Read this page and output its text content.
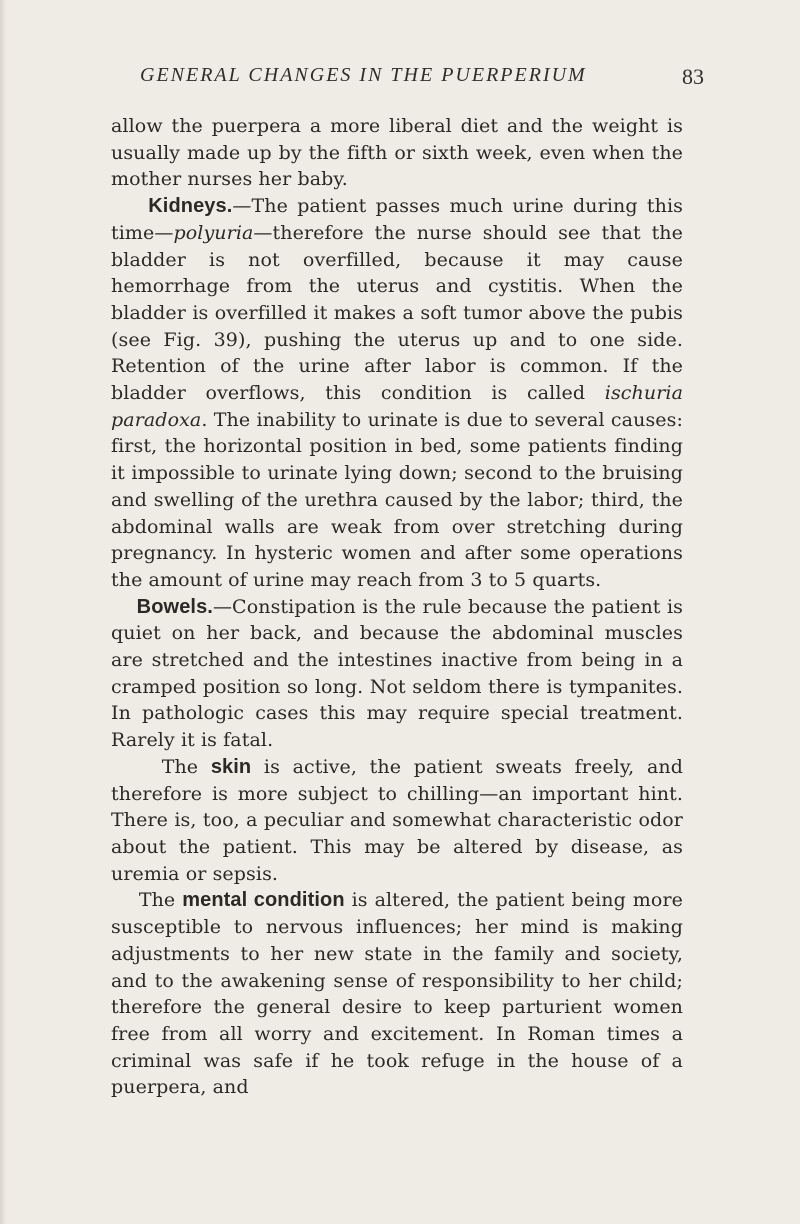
GENERAL CHANGES IN THE PUERPERIUM	83

allow the puerpera a more liberal diet and the weight is usually made up by the fifth or sixth week, even when the mother nurses her baby.

Kidneys.—The patient passes much urine during this time—polyuria—therefore the nurse should see that the bladder is not overfilled, because it may cause hemorrhage from the uterus and cystitis. When the bladder is overfilled it makes a soft tumor above the pubis (see Fig. 39), pushing the uterus up and to one side. Retention of the urine after labor is common. If the bladder overflows, this condition is called ischuria paradoxa. The inability to urinate is due to several causes: first, the horizontal position in bed, some patients finding it impossible to urinate lying down; second to the bruising and swelling of the urethra caused by the labor; third, the abdominal walls are weak from over stretching during pregnancy. In hysteric women and after some operations the amount of urine may reach from 3 to 5 quarts.

Bowels.—Constipation is the rule because the patient is quiet on her back, and because the abdominal muscles are stretched and the intestines inactive from being in a cramped position so long. Not seldom there is tympanites. In pathologic cases this may require special treatment. Rarely it is fatal.

The skin is active, the patient sweats freely, and therefore is more subject to chilling—an important hint. There is, too, a peculiar and somewhat characteristic odor about the patient. This may be altered by disease, as uremia or sepsis.

The mental condition is altered, the patient being more susceptible to nervous influences; her mind is making adjustments to her new state in the family and society, and to the awakening sense of responsibility to her child; therefore the general desire to keep parturient women free from all worry and excitement. In Roman times a criminal was safe if he took refuge in the house of a puerpera, and
